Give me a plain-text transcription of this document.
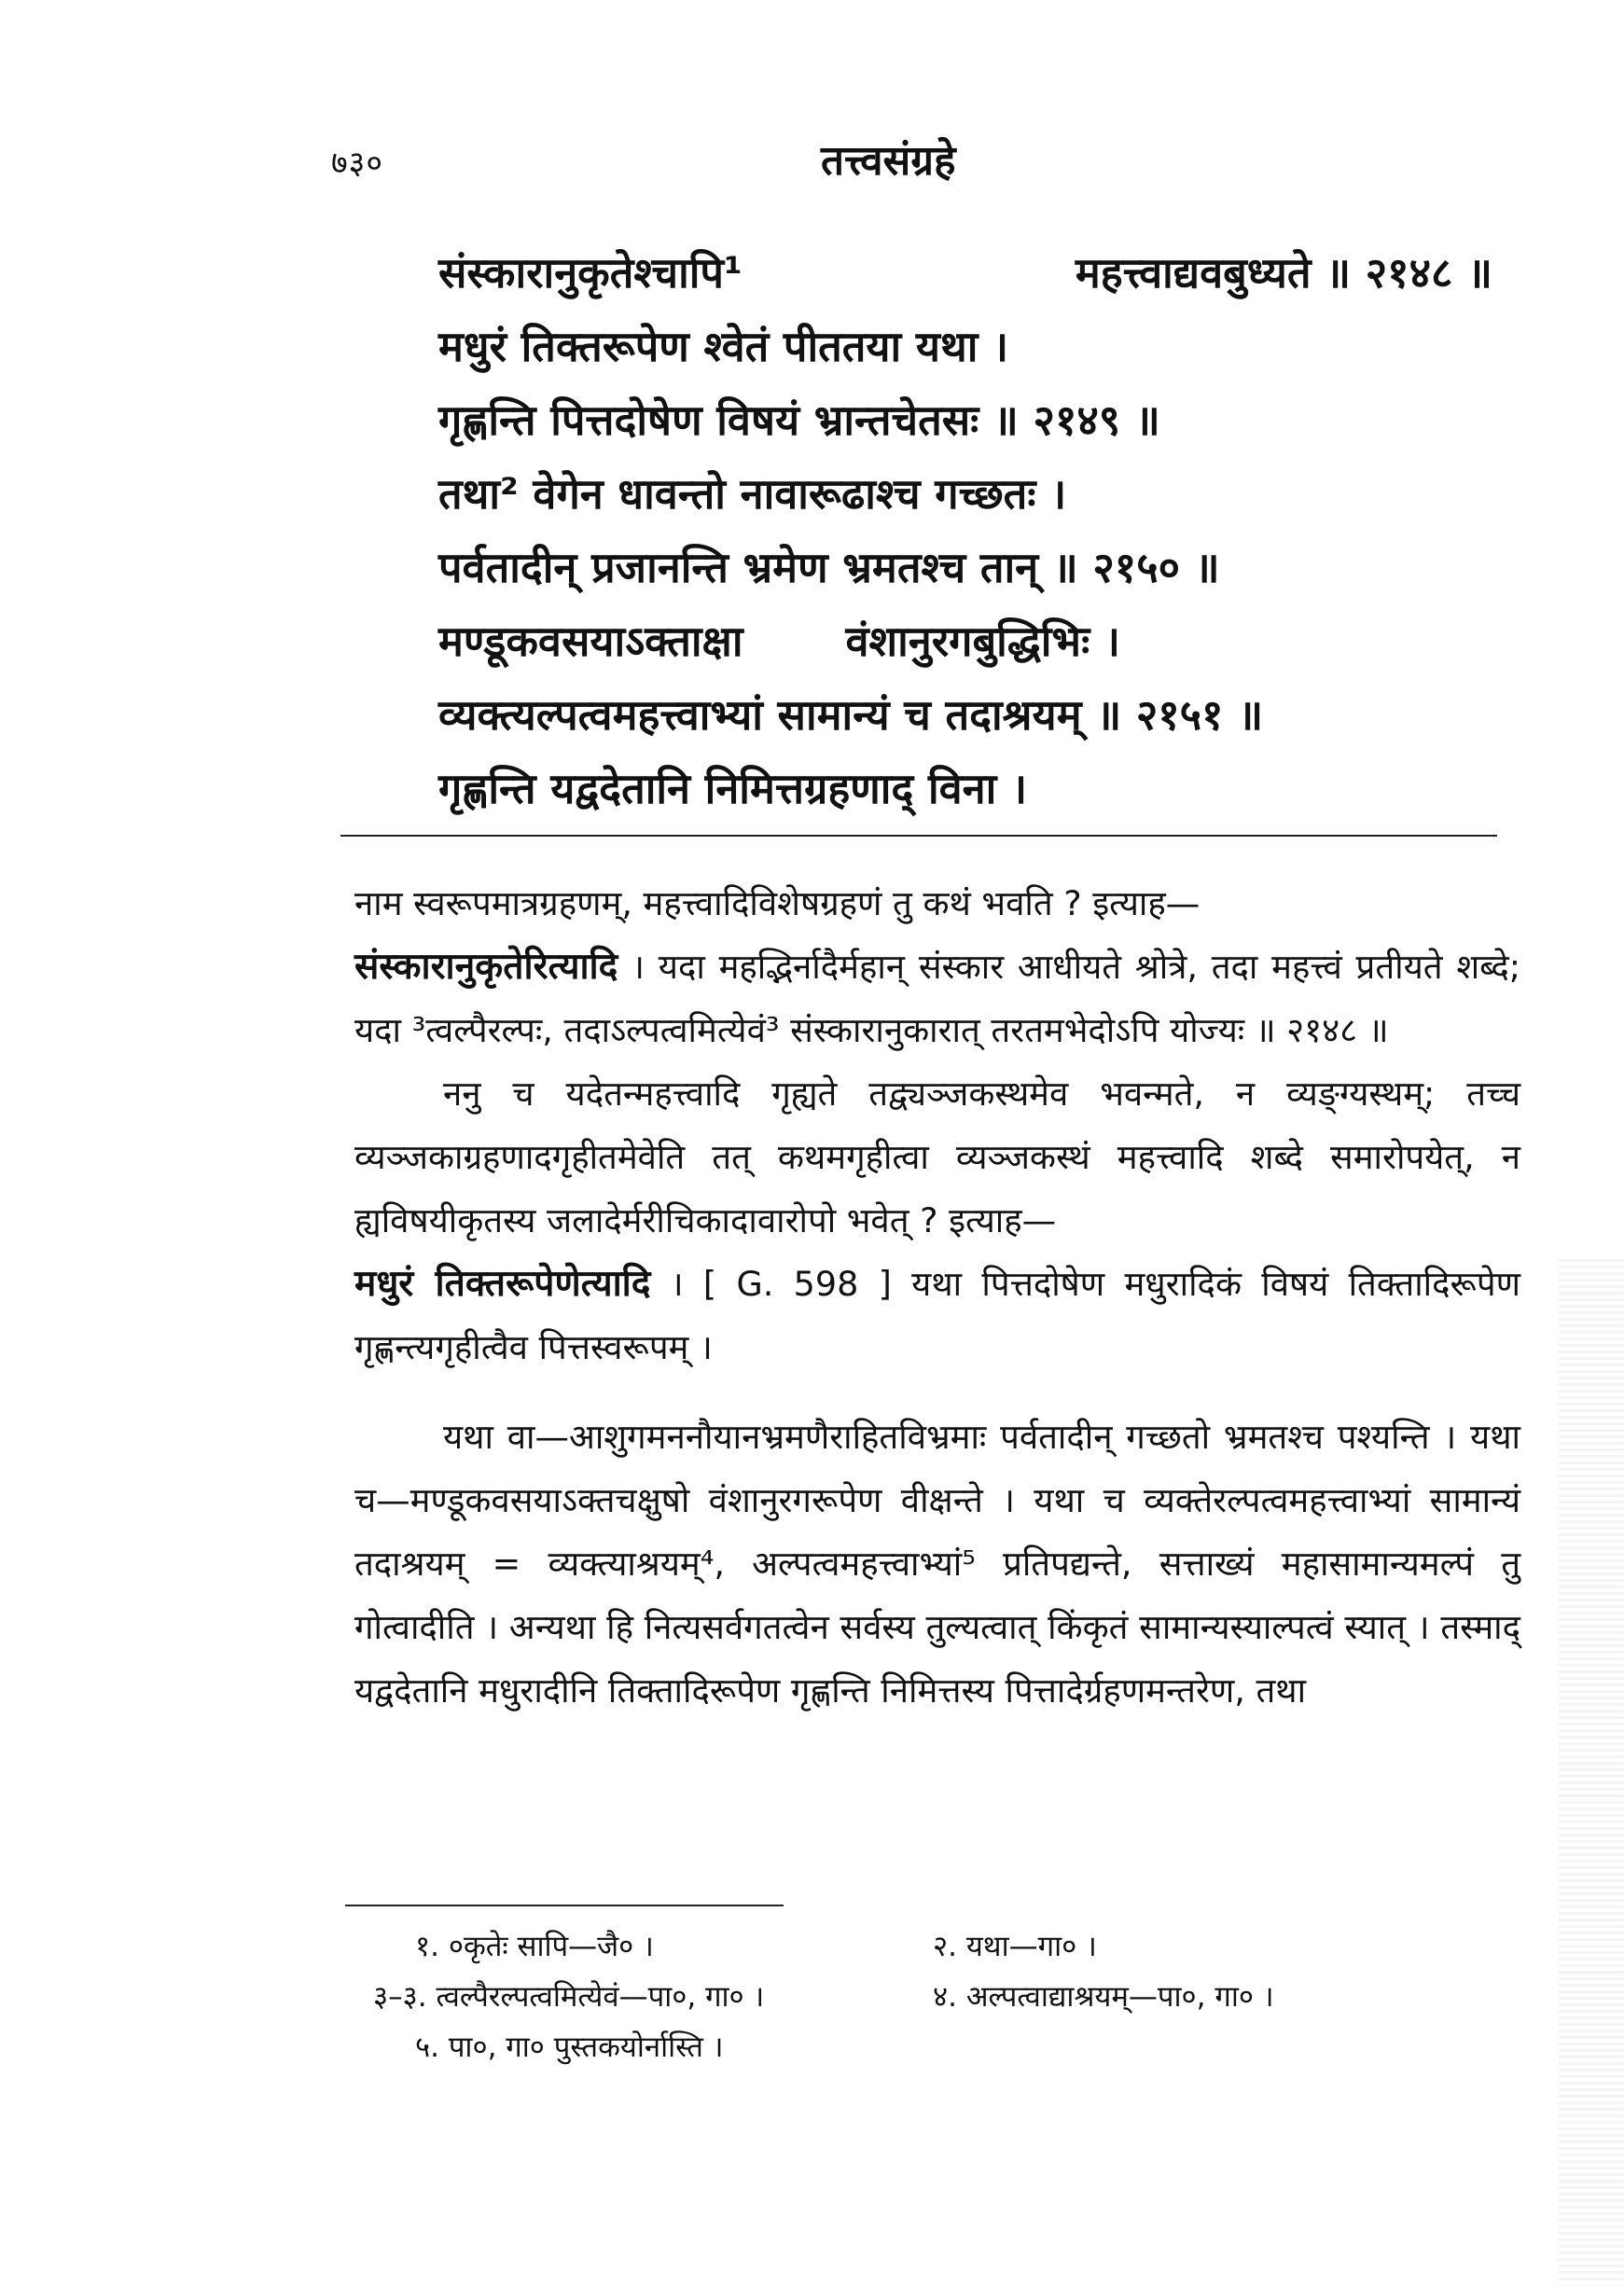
७३०	तत्त्वसंग्रहे
संस्कारानुकृतेश्चापि¹	महत्त्वाद्यवबुध्यते ॥ २१४८ ॥
मधुरं तिक्तरूपेण श्वेतं पीततया यथा ।
गृह्णन्ति पित्तदोषेण विषयं भ्रान्तचेतसः ॥ २१४९ ॥
तथा² वेगेन धावन्तो नावारूढाश्च गच्छतः ।
पर्वतादीन् प्रजानन्ति भ्रमेण भ्रमतश्च तान् ॥ २१५० ॥
मण्डूकवसयाऽक्ताक्षा वंशानुरगबुद्धिभिः ।
व्यक्त्यल्पत्वमहत्त्वाभ्यां सामान्यं च तदाश्रयम् ॥ २१५१ ॥
गृह्णन्ति यद्वदेतानि निमित्तग्रहणाद् विना ।

नाम स्वरूपमात्रग्रहणम्, महत्त्वादिविशेषग्रहणं तु कथं भवति ? इत्याह—
संस्कारानुकृतेरित्यादि । यदा महद्भिर्नादैर्महान् संस्कार आधीयते श्रोत्रे, तदा महत्त्वं प्रतीयते शब्दे; यदा ³त्वल्पैरल्पः, तदाऽल्पत्वमित्येवं³ संस्कारानुकारात् तरतमभेदोऽपि योज्यः ॥ २१४८ ॥

ननु च यदेतन्महत्त्वादि गृह्यते तद्व्यञ्जकस्थमेव भवन्मते, न व्यङ्ग्यस्थम्; तच्च व्यञ्जकाग्रहणादगृहीतमेवेति तत् कथमगृहीत्वा व्यञ्जकस्थं महत्त्वादि शब्दे समारोपयेत्, न ह्यविषयीकृतस्य जलादेर्मरीचिकादावारोपो भवेत् ? इत्याह—
मधुरं तिक्तरूपेणेत्यादि । [ G. 598 ] यथा पित्तदोषेण मधुरादिकं विषयं तिक्तादिरूपेण गृह्णन्त्यगृहीत्वैव पित्तस्वरूपम् ।

यथा वा—आशुगमननौयानभ्रमणैराहितविभ्रमाः पर्वतादीन् गच्छतो भ्रमतश्च पश्यन्ति । यथा च—मण्डूकवसयाऽक्तचक्षुषो वंशानुरगरूपेण वीक्षन्ते । यथा च व्यक्तेरल्पत्वमहत्त्वाभ्यां सामान्यं तदाश्रयम् = व्यक्त्याश्रयम्⁴, अल्पत्वमहत्त्वाभ्यां⁵ प्रतिपद्यन्ते, सत्ताख्यं महासामान्यमल्पं तु गोत्वादीति । अन्यथा हि नित्यसर्वगतत्वेन सर्वस्य तुल्यत्वात् किंकृतं सामान्यस्याल्पत्वं स्यात् । तस्माद् यद्वदेतानि मधुरादीनि तिक्तादिरूपेण गृह्णन्ति निमित्तस्य पित्तादेर्ग्रहणमन्तरेण, तथा

१. ०कृतेः सापि—जै० ।	२. यथा—गा० ।
३–३. त्वल्पैरल्पत्वमित्येवं—पा०, गा० ।	४. अल्पत्वाद्याश्रयम्—पा०, गा० ।
५. पा०, गा० पुस्तकयोर्नास्ति ।
